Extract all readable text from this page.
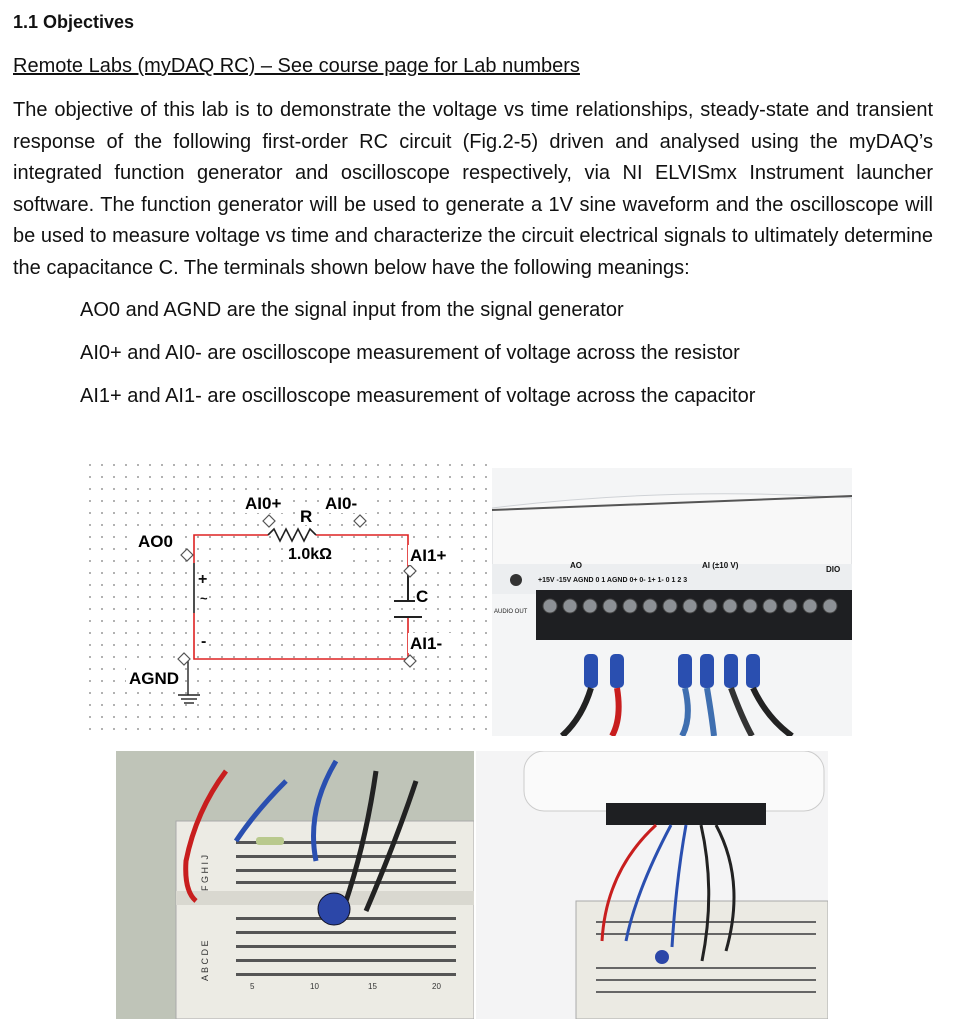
1.1 Objectives
Remote Labs (myDAQ RC) – See course page for Lab numbers
The objective of this lab is to demonstrate the voltage vs time relationships, steady-state and transient response of the following first-order RC circuit (Fig.2-5) driven and analysed using the myDAQ’s integrated function generator and oscilloscope respectively, via NI ELVISmx Instrument launcher software. The function generator will be used to generate a 1V sine waveform and the oscilloscope will be used to measure voltage vs time and characterize the circuit electrical signals to ultimately determine the capacitance C. The terminals shown below have the following meanings:
AO0 and AGND are the signal input from the signal generator
AI0+ and AI0- are oscilloscope measurement of voltage across the resistor
AI1+ and AI1- are oscilloscope measurement of voltage across the capacitor
+
~
-
AO0
AGND
AI0+	AI0-
R
1.0kΩ	AI1+
C
AI1-
AO	AI (±10 V)	DIO
+15V -15V AGND 0 1 AGND 0+ 0- 1+ 1- 0 1 2 3
AUDIO OUT
F G H I J
A B C D E
5	10	15	20
